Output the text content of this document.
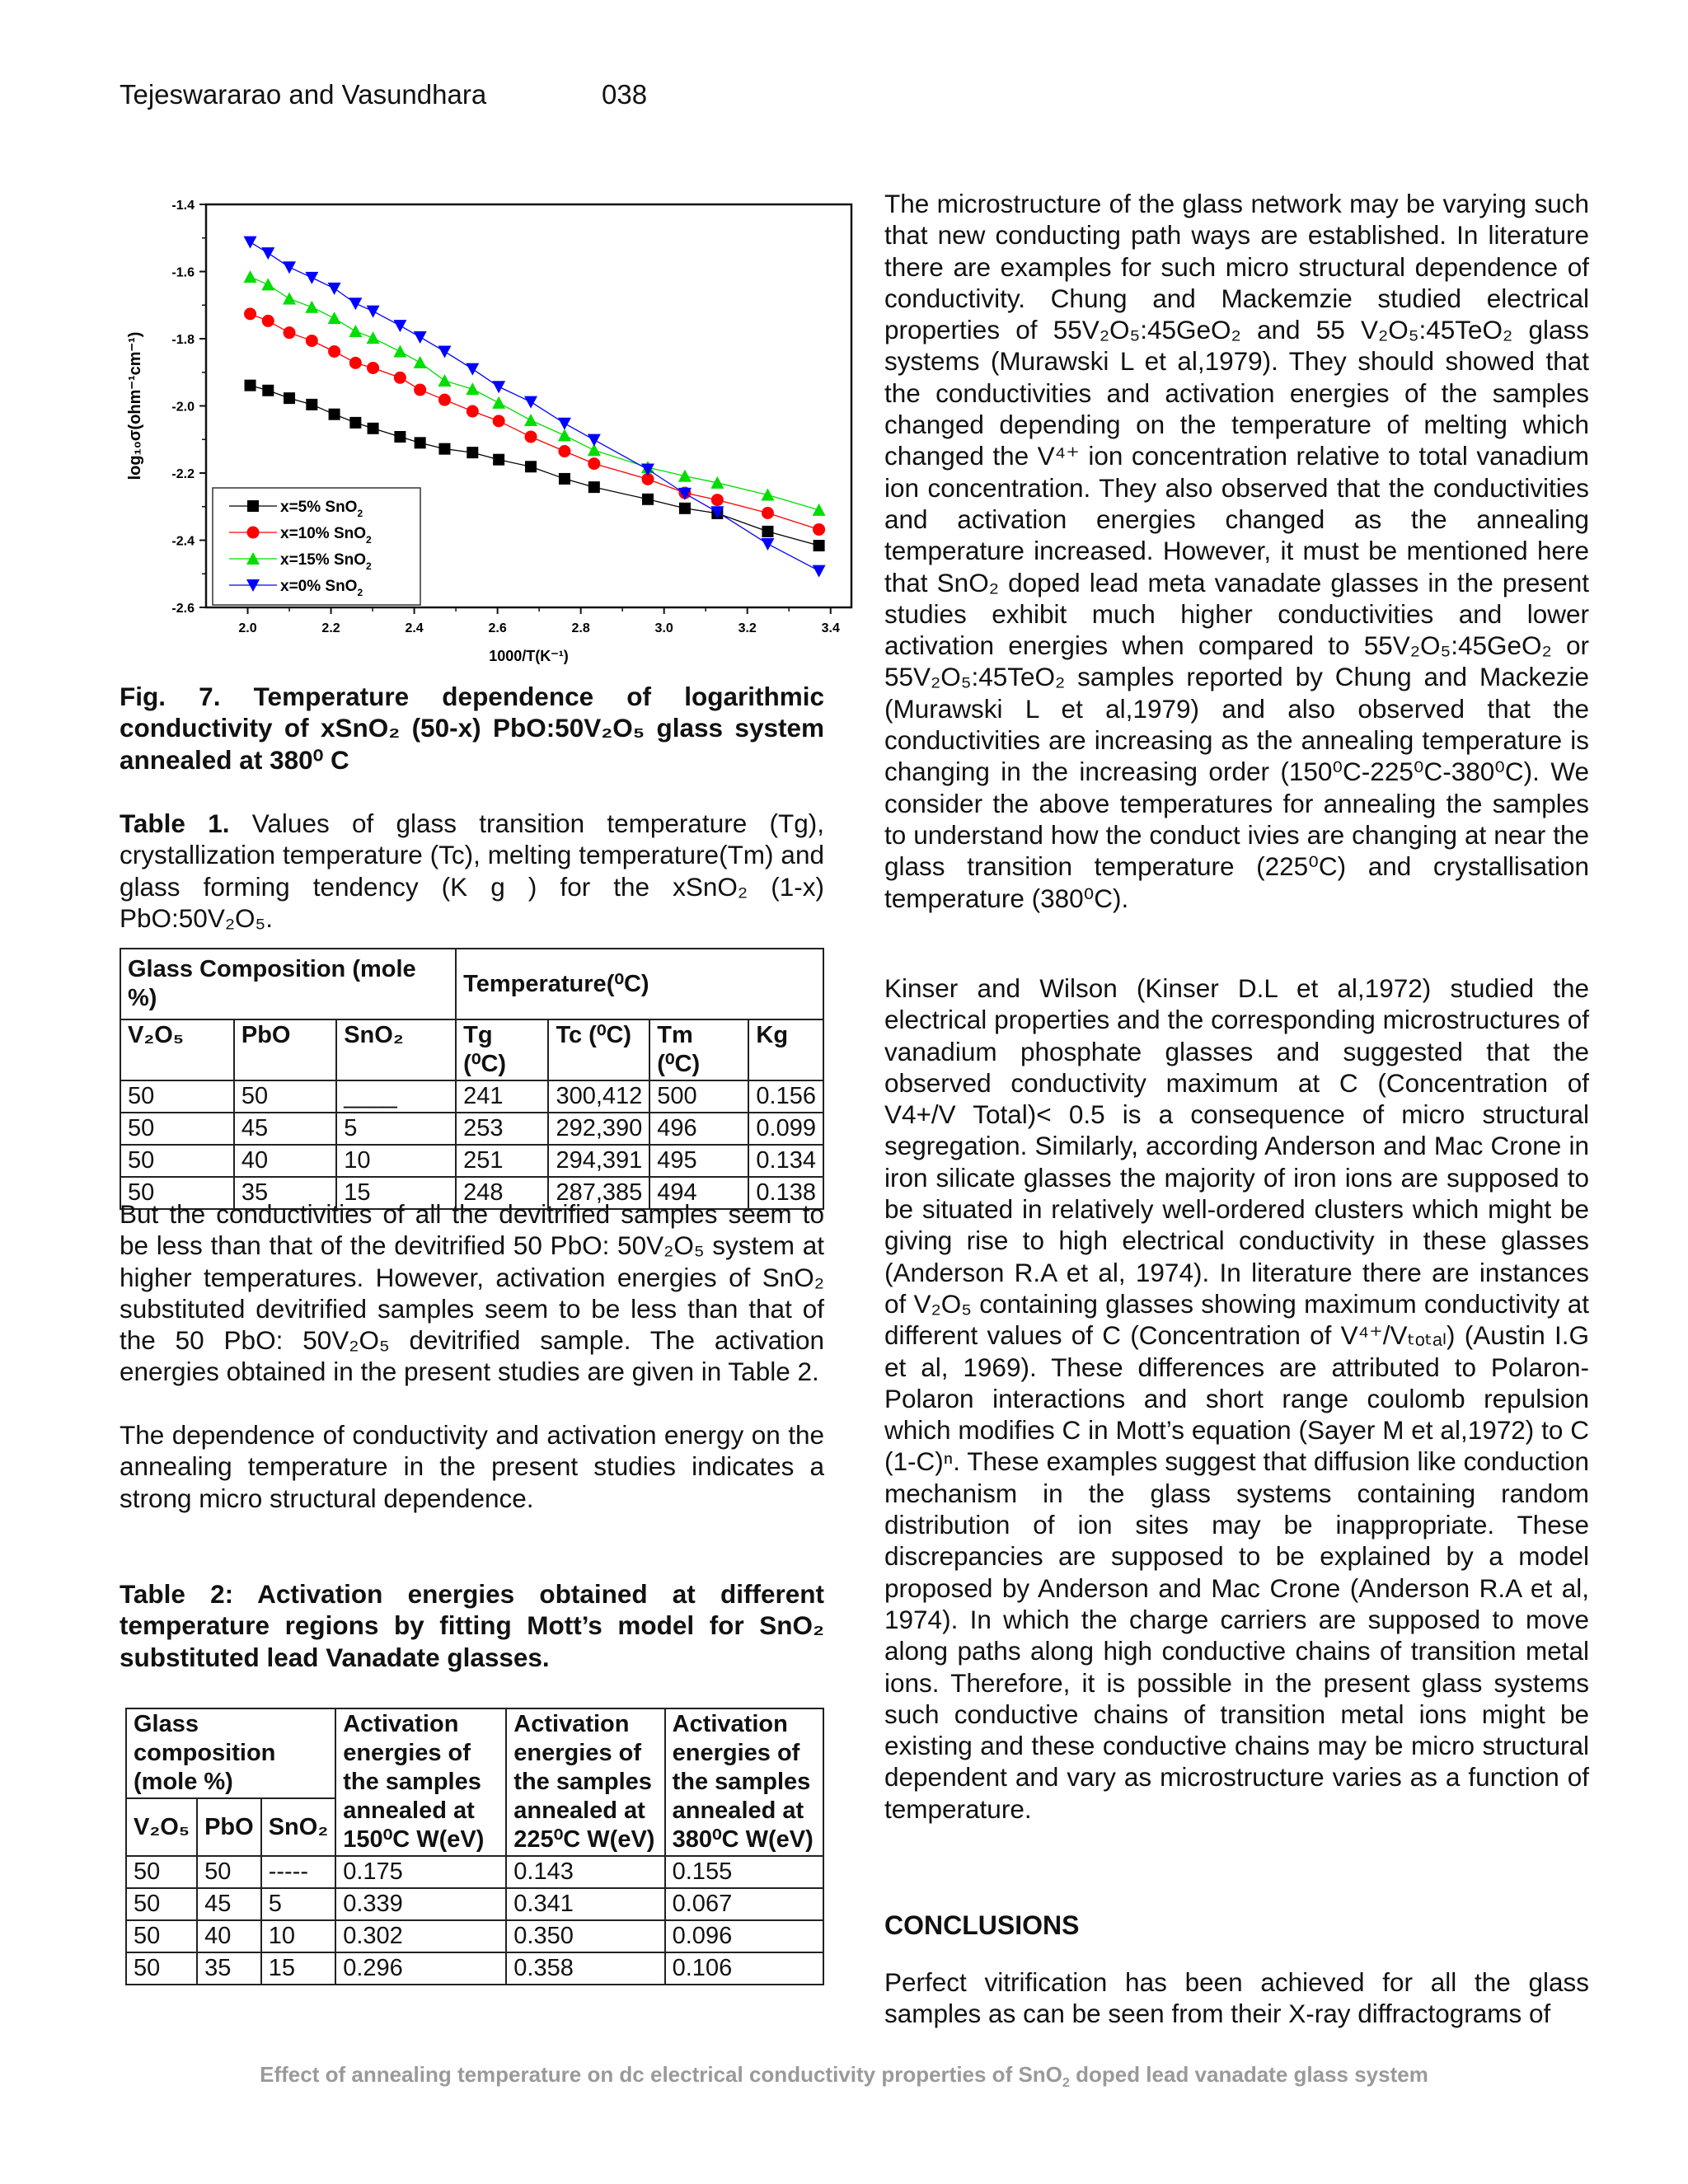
Tejeswararao and Vasundhara	038
-1.4
-1.6
-1.8
-2.0
-2.2
-2.4
-2.6
2.0	2.2	2.4	2.6	2.8	3.0	3.2	3.4
1000/T(K⁻¹)
log₁₀σ(ohm⁻¹cm⁻¹)
x=5% SnO$_2$
x=10% SnO$_2$
x=15% SnO$_2$
x=0% SnO$_2$
Fig. 7. Temperature dependence of logarithmic conductivity of xSnO₂ (50-x) PbO:50V₂O₅ glass system annealed at 380⁰ C
Table 1. Values of glass transition temperature (Tg), crystallization temperature (Tc), melting temperature(Tm) and glass forming tendency (K g ) for the xSnO₂ (1-x) PbO:50V₂O₅.
Glass Composition (mole %)			Temperature(⁰C)			
V₂O₅	PbO	SnO₂	Tg (⁰C)	Tc (⁰C)	Tm (⁰C)	Kg
50	50	____	241	300,412	500	0.156
50	45	5	253	292,390	496	0.099
50	40	10	251	294,391	495	0.134
50	35	15	248	287,385	494	0.138

But the conductivities of all the devitrified samples seem to be less than that of the devitrified 50 PbO: 50V₂O₅ system at higher temperatures. However, activation energies of SnO₂ substituted devitrified samples seem to be less than that of the 50 PbO: 50V₂O₅ devitrified sample. The activation energies obtained in the present studies are given in Table 2.

The dependence of conductivity and activation energy on the annealing temperature in the present studies indicates a strong micro structural dependence.

Table 2: Activation energies obtained at different temperature regions by fitting Mott’s model for SnO₂ substituted lead Vanadate glasses.
Glass composition (mole %)			Activation energies of the samples annealed at 150⁰C W(eV)	Activation energies of the samples annealed at 225⁰C W(eV)	Activation energies of the samples annealed at 380⁰C W(eV)
V₂O₅	PbO	SnO₂			
50	50	-----	0.175	0.143	0.155
50	45	5	0.339	0.341	0.067
50	40	10	0.302	0.350	0.096
50	35	15	0.296	0.358	0.106

The microstructure of the glass network may be varying such that new conducting path ways are established. In literature there are examples for such micro structural dependence of conductivity. Chung and Mackemzie studied electrical properties of 55V₂O₅:45GeO₂ and 55 V₂O₅:45TeO₂ glass systems (Murawski L et al,1979). They should showed that the conductivities and activation energies of the samples changed depending on the temperature of melting which changed the V⁴⁺ ion concentration relative to total vanadium ion concentration. They also observed that the conductivities and activation energies changed as the annealing temperature increased. However, it must be mentioned here that SnO₂ doped lead meta vanadate glasses in the present studies exhibit much higher conductivities and lower activation energies when compared to 55V₂O₅:45GeO₂ or 55V₂O₅:45TeO₂ samples reported by Chung and Mackezie (Murawski L et al,1979) and also observed that the conductivities are increasing as the annealing temperature is changing in the increasing order (150⁰C-225⁰C-380⁰C). We consider the above temperatures for annealing the samples to understand how the conduct ivies are changing at near the glass transition temperature (225⁰C) and crystallisation temperature (380⁰C).

Kinser and Wilson (Kinser D.L et al,1972) studied the electrical properties and the corresponding microstructures of vanadium phosphate glasses and suggested that the observed conductivity maximum at C (Concentration of V4+/V Total)< 0.5 is a consequence of micro structural segregation. Similarly, according Anderson and Mac Crone in iron silicate glasses the majority of iron ions are supposed to be situated in relatively well-ordered clusters which might be giving rise to high electrical conductivity in these glasses (Anderson R.A et al, 1974). In literature there are instances of V₂O₅ containing glasses showing maximum conductivity at different values of C (Concentration of V⁴⁺/Vₜₒₜₐₗ) (Austin I.G et al, 1969). These differences are attributed to Polaron- Polaron interactions and short range coulomb repulsion which modifies C in Mott’s equation (Sayer M et al,1972) to C (1-C)ⁿ. These examples suggest that diffusion like conduction mechanism in the glass systems containing random distribution of ion sites may be inappropriate. These discrepancies are supposed to be explained by a model proposed by Anderson and Mac Crone (Anderson R.A et al, 1974). In which the charge carriers are supposed to move along paths along high conductive chains of transition metal ions. Therefore, it is possible in the present glass systems such conductive chains of transition metal ions might be existing and these conductive chains may be micro structural dependent and vary as microstructure varies as a function of temperature.

CONCLUSIONS

Perfect vitrification has been achieved for all the glass samples as can be seen from their X-ray diffractograms of

Effect of annealing temperature on dc electrical conductivity properties of SnO$_2$ doped lead vanadate glass system
